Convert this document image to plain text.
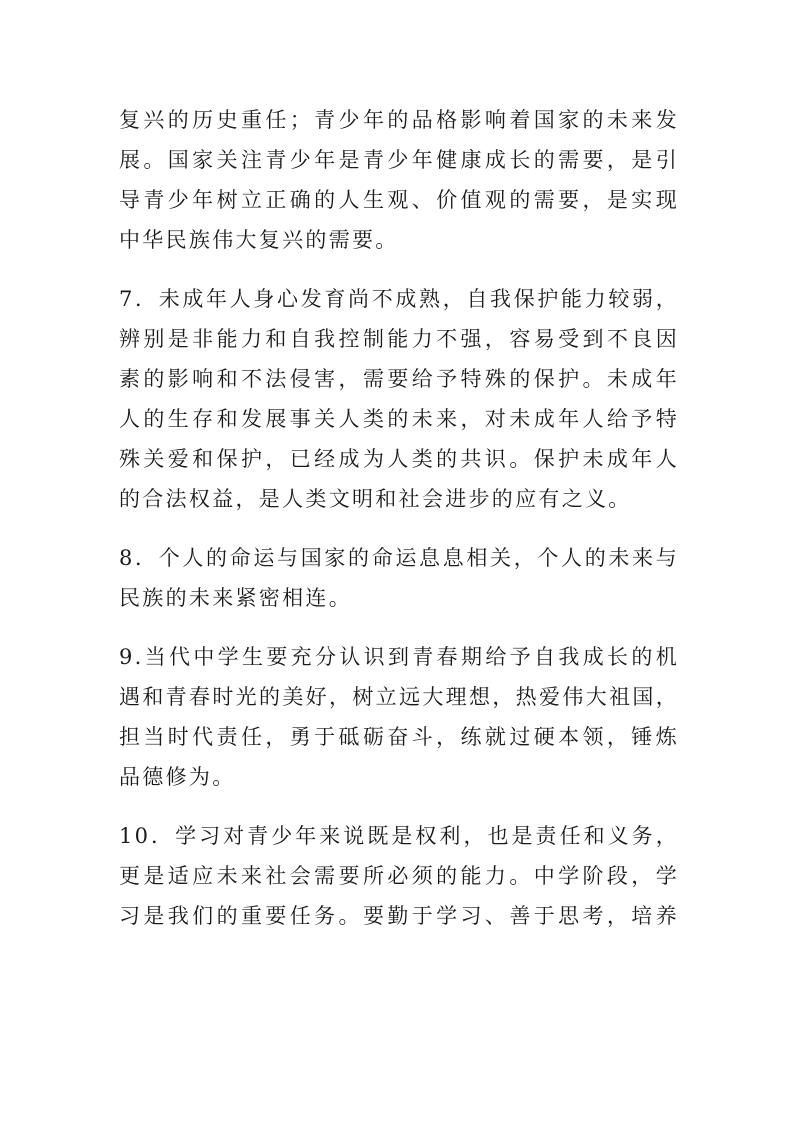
复兴的历史重任；青少年的品格影响着国家的未来发
展。国家关注青少年是青少年健康成长的需要，是引
导青少年树立正确的人生观、价值观的需要，是实现
中华民族伟大复兴的需要。
7．未成年人身心发育尚不成熟，自我保护能力较弱，
辨别是非能力和自我控制能力不强，容易受到不良因
素的影响和不法侵害，需要给予特殊的保护。未成年
人的生存和发展事关人类的未来，对未成年人给予特
殊关爱和保护，已经成为人类的共识。保护未成年人
的合法权益，是人类文明和社会进步的应有之义。
8．个人的命运与国家的命运息息相关，个人的未来与
民族的未来紧密相连。
9.当代中学生要充分认识到青春期给予自我成长的机
遇和青春时光的美好，树立远大理想，热爱伟大祖国，
担当时代责任，勇于砥砺奋斗，练就过硬本领，锤炼
品德修为。
10．学习对青少年来说既是权利，也是责任和义务，
更是适应未来社会需要所必须的能力。中学阶段，学
习是我们的重要任务。要勤于学习、善于思考，培养
